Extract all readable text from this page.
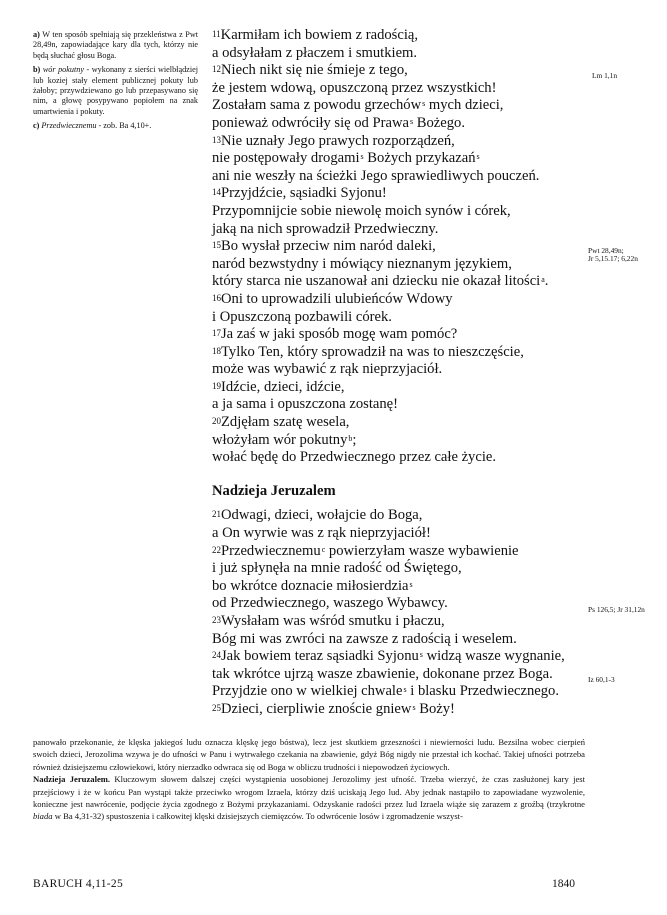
a) W ten sposób spełniają się przekleństwa z Pwt 28,49n, zapowiadające kary dla tych, którzy nie będą słuchać głosu Boga.

b) wór pokutny - wykonany z sierści wielbłądziej lub koziej stały element publicznej pokuty lub żałoby; przywdziewano go lub przepasywano się nim, a głowę posypywano popiołem na znak umartwienia i pokuty.

c) Przedwiecznemu - zob. Ba 4,10+.

$^{11}$Karmiłam ich bowiem z radością,
a odsyłałam z płaczem i smutkiem.
$^{12}$Niech nikt się nie śmieje z tego,
że jestem wdową, opuszczoną przez wszystkich!
Zostałam sama z powodu grzechów$^s$ mych dzieci,
ponieważ odwróciły się od Prawa$^s$ Bożego.
$^{13}$Nie uznały Jego prawych rozporządzeń,
nie postępowały drogami$^s$ Bożych przykazań$^s$
ani nie weszły na ścieżki Jego sprawiedliwych pouczeń.
$^{14}$Przyjdźcie, sąsiadki Syjonu!
Przypomnijcie sobie niewolę moich synów i córek,
jaką na nich sprowadził Przedwieczny.
$^{15}$Bo wysłał przeciw nim naród daleki,
naród bezwstydny i mówiący nieznanym językiem,
który starca nie uszanował ani dziecku nie okazał litości$^a$.
$^{16}$Oni to uprowadzili ulubieńców Wdowy
i Opuszczoną pozbawili córek.
$^{17}$Ja zaś w jaki sposób mogę wam pomóc?
$^{18}$Tylko Ten, który sprowadził na was to nieszczęście,
może was wybawić z rąk nieprzyjaciół.
$^{19}$Idźcie, dzieci, idźcie,
a ja sama i opuszczona zostanę!
$^{20}$Zdjęłam szatę wesela,
włożyłam wór pokutny$^b$;
wołać będę do Przedwiecznego przez całe życie.
Nadzieja Jeruzalem
$^{21}$Odwagi, dzieci, wołajcie do Boga,
a On wyrwie was z rąk nieprzyjaciół!
$^{22}$Przedwiecznemu$^c$ powierzyłam wasze wybawienie
i już spłynęła na mnie radość od Świętego,
bo wkrótce doznacie miłosierdzia$^s$
od Przedwiecznego, waszego Wybawcy.
$^{23}$Wysłałam was wśród smutku i płaczu,
Bóg mi was zwróci na zawsze z radością i weselem.
$^{24}$Jak bowiem teraz sąsiadki Syjonu$^s$ widzą wasze wygnanie,
tak wkrótce ujrzą wasze zbawienie, dokonane przez Boga.
Przyjdzie ono w wielkiej chwale$^s$ i blasku Przedwiecznego.
$^{25}$Dzieci, cierpliwie znoście gniew$^s$ Boży!
Lm 1,1n
Pwt 28,49n;
Jr 5,15.17; 6,22n
Ps 126,5; Jr 31,12n
Iz 60,1-3

panowało przekonanie, że klęska jakiegoś ludu oznacza klęskę jego bóstwa), lecz jest skutkiem grzeszności i niewierności ludu. Bezsilna wobec cierpień swoich dzieci, Jerozolima wzywa je do ufności w Panu i wytrwałego czekania na zbawienie, gdyż Bóg nigdy nie przestał ich kochać. Takiej ufności potrzeba również dzisiejszemu człowiekowi, który nierzadko odwraca się od Boga w obliczu trudności i niepowodzeń życiowych.

Nadzieja Jeruzalem. Kluczowym słowem dalszej części wystąpienia uosobionej Jerozolimy jest ufność. Trzeba wierzyć, że czas zasłużonej kary jest przejściowy i że w końcu Pan wystąpi także przeciwko wrogom Izraela, którzy dziś uciskają Jego lud. Aby jednak nastąpiło to zapowiadane wyzwolenie, konieczne jest nawrócenie, podjęcie życia zgodnego z Bożymi przykazaniami. Odzyskanie radości przez lud Izraela wiąże się zarazem z groźbą (trzykrotne biada w Ba 4,31-32) spustoszenia i całkowitej klęski dzisiejszych ciemięzców. To odwrócenie losów i zgromadzenie wszyst-

BARUCH 4,11-25	1840
